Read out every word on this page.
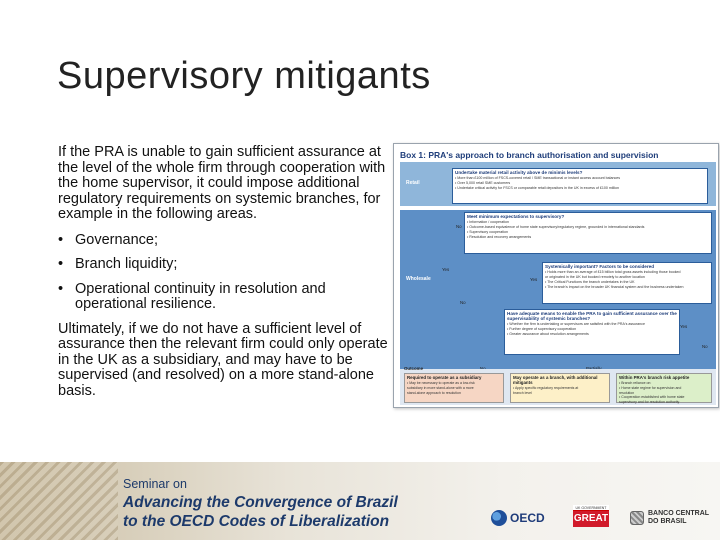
Supervisory mitigants

If the PRA is unable to gain sufficient assurance at the level of the whole firm through cooperation with the home supervisor, it could impose additional regulatory requirements on systemic branches, for example in the following areas.

• Governance;
• Branch liquidity;
• Operational continuity in resolution and operational resilience.

Ultimately, if we do not have a sufficient level of assurance then the relevant firm could only operate in the UK as a subsidiary, and may have to be supervised (and resolved) on a more stand-alone basis.

Box 1: PRA's approach to branch authorisation and supervision
Retail
Wholesale
Undertake material retail activity above de minimis levels?
• More than £100 million of FSCS-covered retail / SME transactional or instant access account balances
• Over 5,000 retail SME customers
• Undertake critical activity for FSCS or comparable retail depositors in the UK in excess of £100 million
No
Meet minimum expectations to supervisory?
• Information / cooperation
• Outcome-based equivalence of home state supervisory/regulatory regime, grounded in international standards
• Supervisory cooperation
• Resolution and recovery arrangements
Yes
Yes
Systemically important? Factors to be considered
• Holds more than an average of £15 billion total gross assets including those booked
or originated in the UK but booked remotely to another location
• The Critical Functions the branch undertakes in the UK
• The branch's impact on the broader UK financial system and the business undertaken
No
Have adequate means to enable the PRA to gain sufficient assurance over the supervisability of systemic branches?
• Whether the firm is undertaking or supervisors are satisfied with the PRA's assurance
• Further degree of supervisory cooperation
• Greater assurance about resolution arrangements
Yes
No
Outcome
Required to operate as a subsidiary
• May be necessary to operate as a low-risk
subsidiary in more stand-alone with a more
stand-alone approach to resolution
May operate as a branch, with additional mitigants
• Apply specific regulatory requirements at
branch level
Within PRA's branch risk appetite
• Branch reliance on:
• Home state regime for supervision and
resolution
• Cooperation established with home state
supervisory and for resolution authority
Seminar on
Advancing the Convergence of Brazil
to the OECD Codes of Liberalization	OECD
UK GOVERNMENT
GREAT	BANCO CENTRAL
DO BRASIL
